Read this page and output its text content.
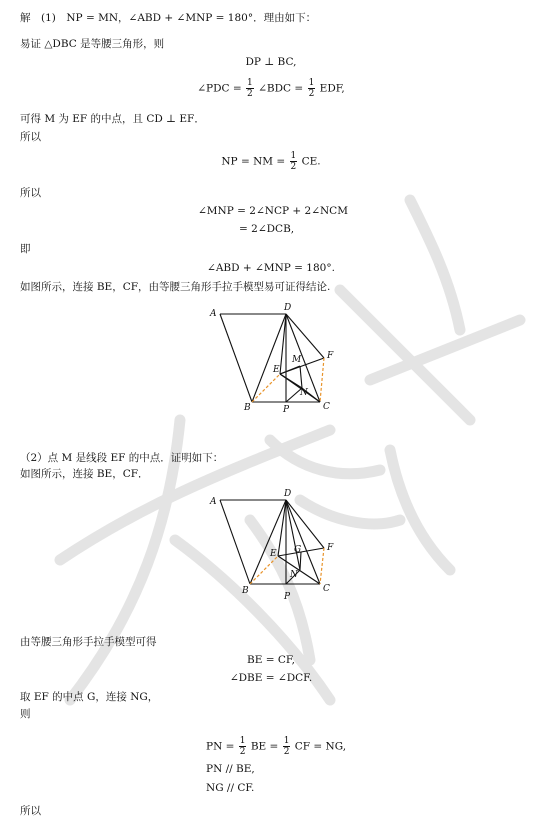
解　(1)　NP = MN，∠ABD + ∠MNP = 180°．理由如下：
易证 △DBC 是等腰三角形，则
DP ⊥ BC,
∠PDC = $\frac{1}{2}$ ∠BDC = $\frac{1}{2}$ EDF,
可得 M 为 EF 的中点，且 CD ⊥ EF．
所以
NP = NM = $\frac{1}{2}$ CE.
所以
∠MNP = 2∠NCP + 2∠NCM
= 2∠DCB,
即
∠ABD + ∠MNP = 180°.
如图所示，连接 BE，CF，由等腰三角形手拉手模型易可证得结论.
A
B	C
D
E
F
M
N
P
（2）点 M 是线段 EF 的中点．证明如下：
如图所示，连接 BE，CF．
A
B	C
D
E
F
G
N
P
由等腰三角形手拉手模型可得
BE = CF,
∠DBE = ∠DCF.
取 EF 的中点 G，连接 NG，
则
PN = $\frac{1}{2}$ BE = $\frac{1}{2}$ CF = NG,
PN // BE,
NG // CF.
所以
